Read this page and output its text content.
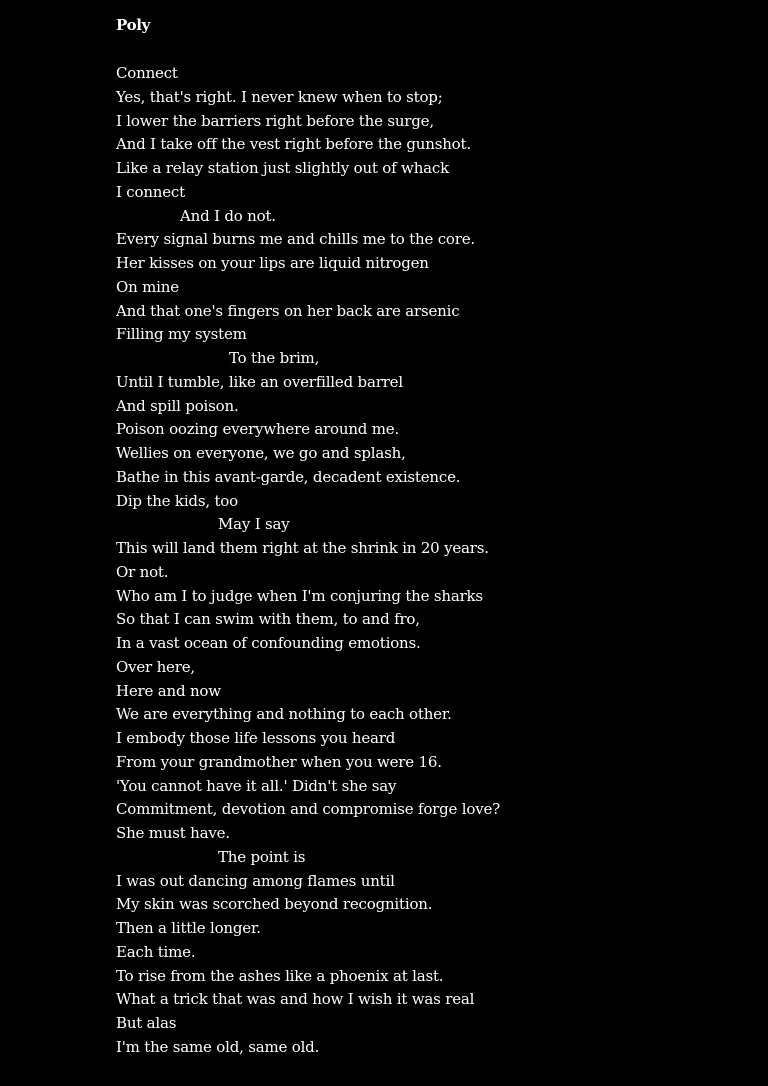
Poly
Connect
Yes, that's right. I never knew when to stop;
I lower the barriers right before the surge,
And I take off the vest right before the gunshot.
Like a relay station just slightly out of whack
I connect
And I do not.
Every signal burns me and chills me to the core.
Her kisses on your lips are liquid nitrogen
On mine
And that one's fingers on her back are arsenic
Filling my system
To the brim,
Until I tumble, like an overfilled barrel
And spill poison.
Poison oozing everywhere around me.
Wellies on everyone, we go and splash,
Bathe in this avant-garde, decadent existence.
Dip the kids, too
May I say
This will land them right at the shrink in 20 years.
Or not.
Who am I to judge when I'm conjuring the sharks
So that I can swim with them, to and fro,
In a vast ocean of confounding emotions.
Over here,
Here and now
We are everything and nothing to each other.
I embody those life lessons you heard
From your grandmother when you were 16.
'You cannot have it all.' Didn't she say
Commitment, devotion and compromise forge love?
She must have.
The point is
I was out dancing among flames until
My skin was scorched beyond recognition.
Then a little longer.
Each time.
To rise from the ashes like a phoenix at last.
What a trick that was and how I wish it was real
But alas
I'm the same old, same old.
